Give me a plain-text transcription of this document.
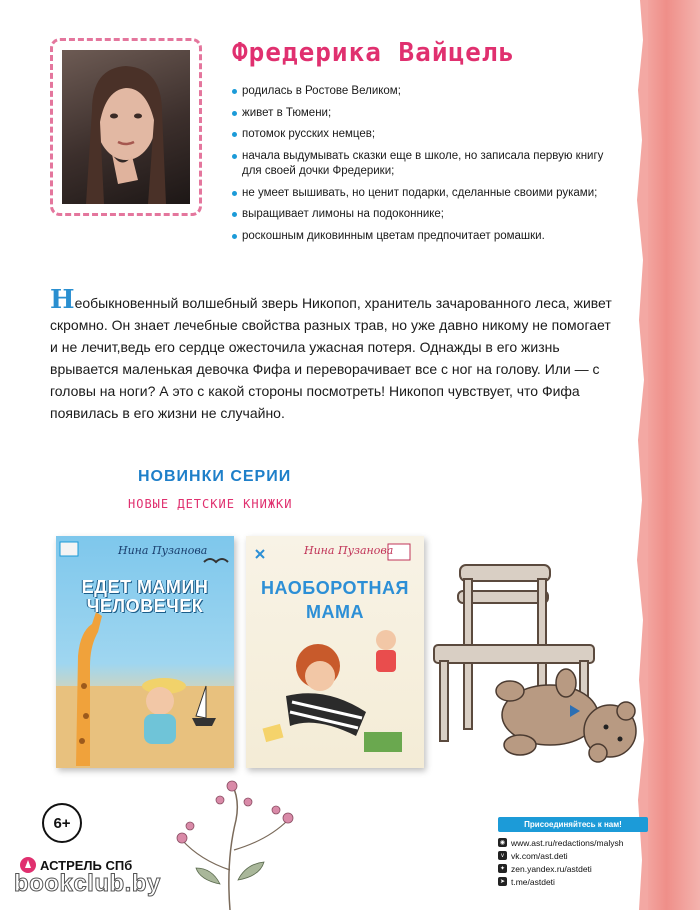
Фредерика Вайцель
родилась в Ростове Великом;
живет в Тюмени;
потомок русских немцев;
начала выдумывать сказки еще в школе, но записала первую книгу для своей дочки Фредерики;
не умеет вышивать, но ценит подарки, сделанные своими руками;
выращивает лимоны на подоконнике;
роскошным диковинным цветам предпочитает ромашки.

Необыкновенный волшебный зверь Никопоп, хранитель зачарованного леса, живет скромно. Он знает лечебные свойства разных трав, но уже давно никому не помогает и не лечит,ведь его сердце ожесточила ужасная потеря. Однажды в его жизнь врывается маленькая девочка Фифа и переворачивает все с ног на голову. Или — с головы на ноги? А это с какой стороны посмотреть! Никопоп чувствует, что Фифа появилась в его жизни не случайно.

НОВИНКИ СЕРИИ
НОВЫЕ ДЕТСКИЕ КНИЖКИ
Нина Пузанова
ЕДЕТ МАМИН ЧЕЛОВЕЧЕК
Нина Пузанова
НАОБОРОТНАЯ МАМА
6+
АСТРЕЛЬ СПб
bookclub.by
Присоединяйтесь к нам!
◉ www.ast.ru/redactions/malysh
v vk.com/ast.deti
✦ zen.yandex.ru/astdeti
➤ t.me/astdeti
